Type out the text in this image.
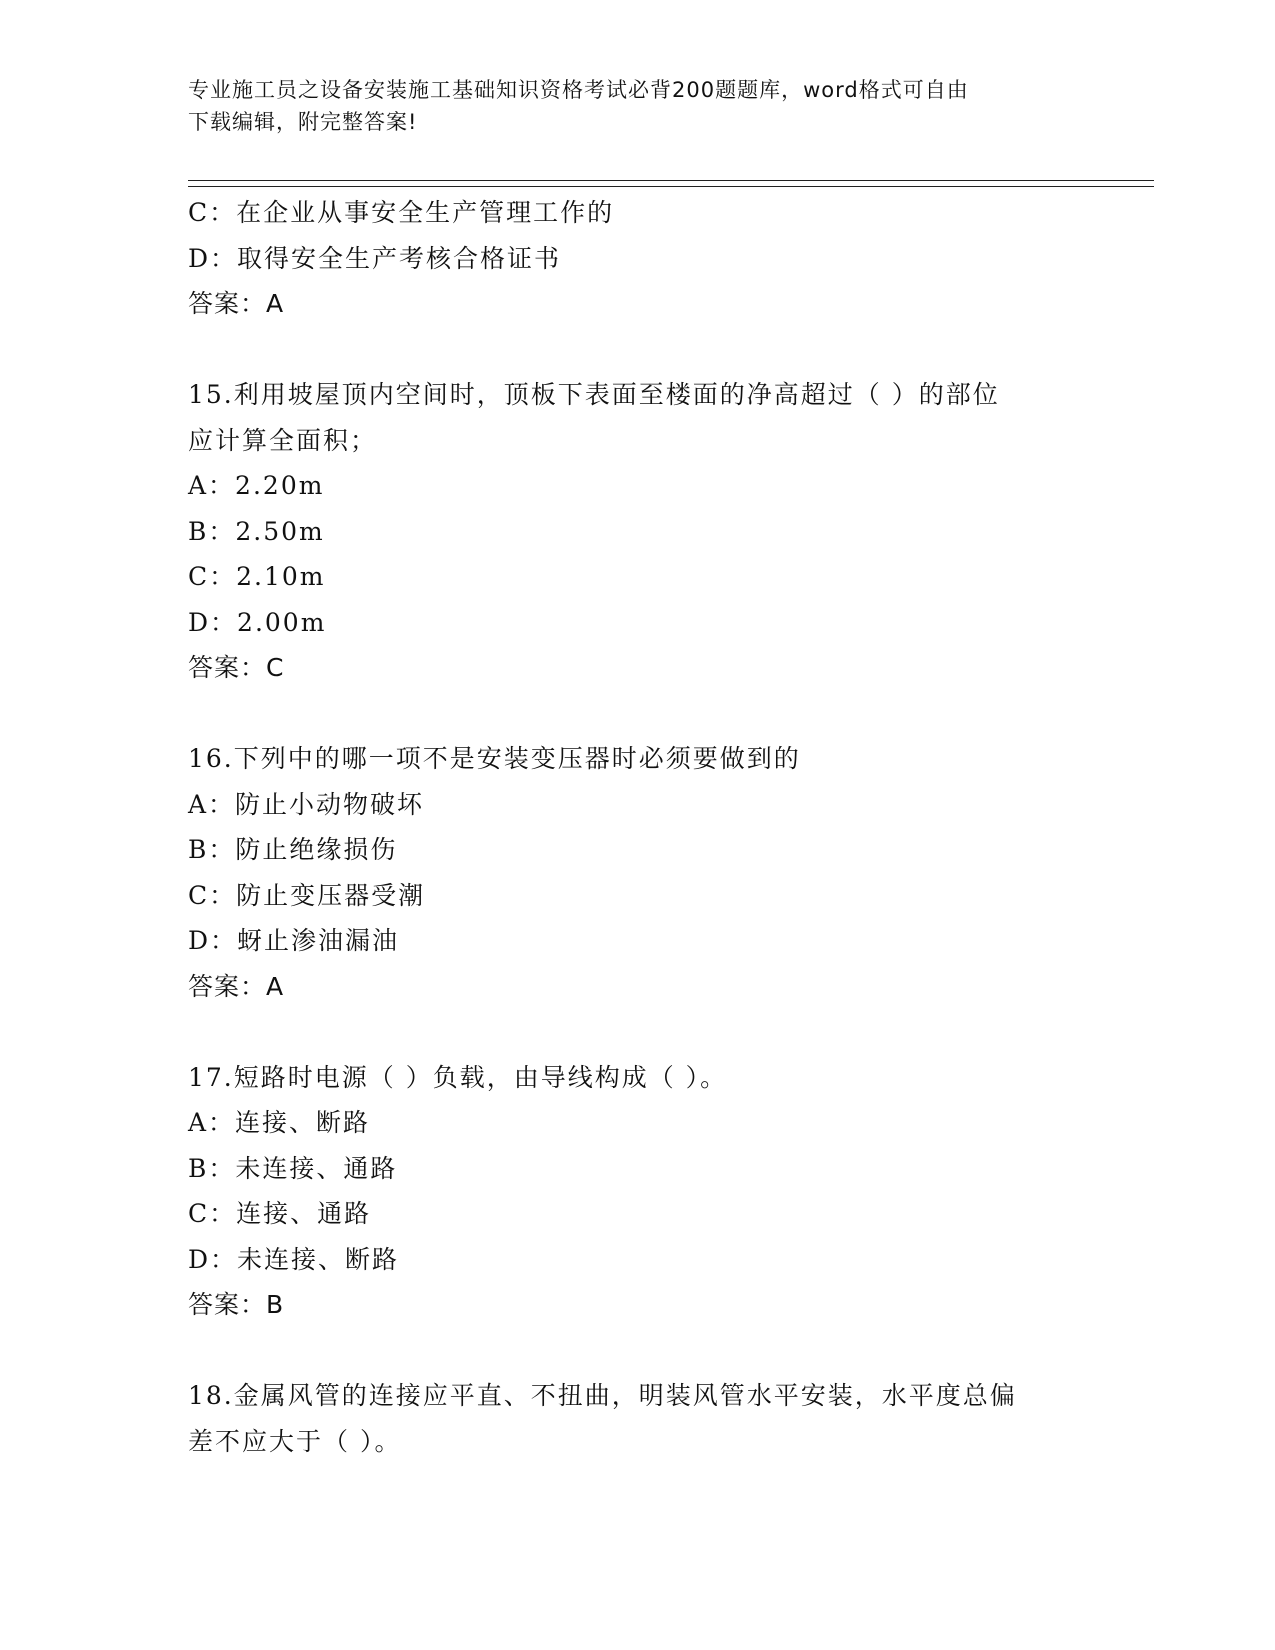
专业施工员之设备安装施工基础知识资格考试必背200题题库，word格式可自由
下载编辑，附完整答案!
C：在企业从事安全生产管理工作的
D：取得安全生产考核合格证书
答案：A
15.利用坡屋顶内空间时，顶板下表面至楼面的净高超过（ ）的部位
应计算全面积；
A：2.20m
B：2.50m
C：2.10m
D：2.00m
答案：C
16.下列中的哪一项不是安装变压器时必须要做到的
A：防止小动物破坏
B：防止绝缘损伤
C：防止变压器受潮
D：蚜止渗油漏油
答案：A
17.短路时电源（ ）负载，由导线构成（ ）。
A：连接、断路
B：未连接、通路
C：连接、通路
D：未连接、断路
答案：B
18.金属风管的连接应平直、不扭曲，明装风管水平安装，水平度总偏
差不应大于（ ）。
